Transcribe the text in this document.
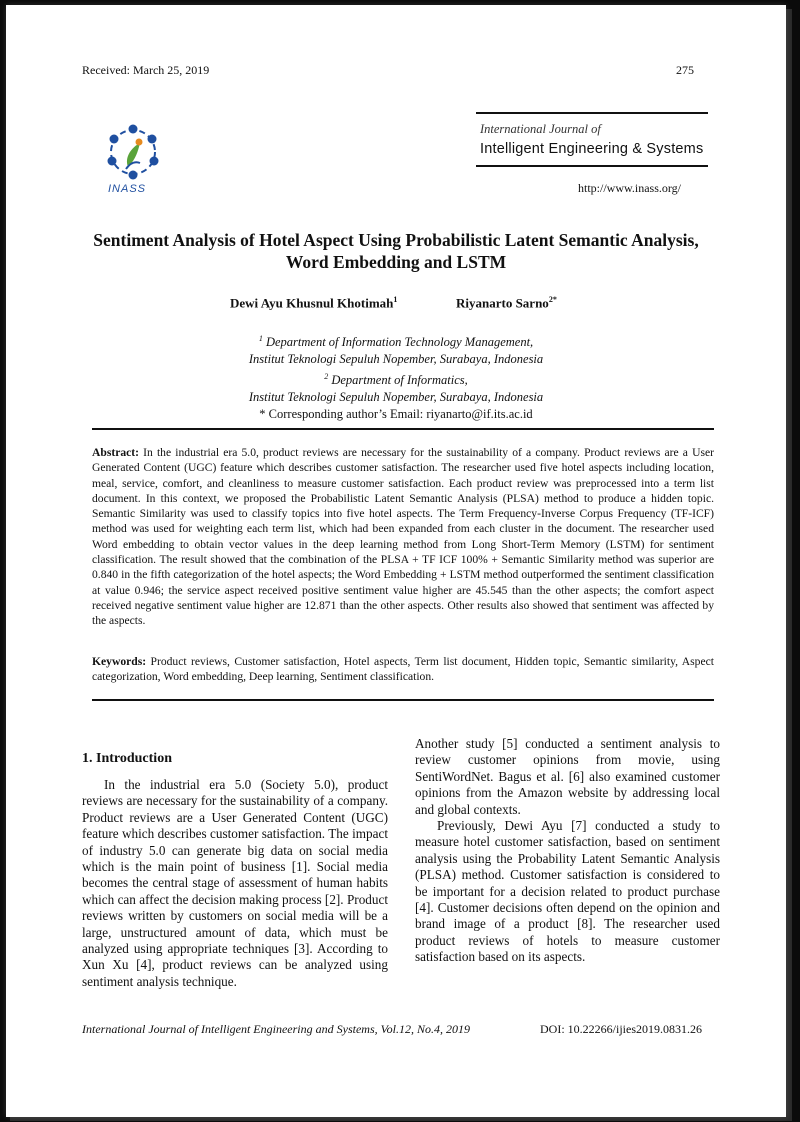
Received: March 25, 2019	275
INASS
International Journal of
Intelligent Engineering & Systems
http://www.inass.org/
Sentiment Analysis of Hotel Aspect Using Probabilistic Latent Semantic Analysis,
Word Embedding and LSTM
Dewi Ayu Khusnul Khotimah$^1$	Riyanarto Sarno$^{2*}$
$^1$ Department of Information Technology Management,
Institut Teknologi Sepuluh Nopember, Surabaya, Indonesia
$^2$ Department of Informatics,
Institut Teknologi Sepuluh Nopember, Surabaya, Indonesia
* Corresponding author’s Email: riyanarto@if.its.ac.id
Abstract: In the industrial era 5.0, product reviews are necessary for the sustainability of a company. Product reviews are a User Generated Content (UGC) feature which describes customer satisfaction. The researcher used five hotel aspects including location, meal, service, comfort, and cleanliness to measure customer satisfaction. Each product review was preprocessed into a term list document. In this context, we proposed the Probabilistic Latent Semantic Analysis (PLSA) method to produce a hidden topic. Semantic Similarity was used to classify topics into five hotel aspects. The Term Frequency-Inverse Corpus Frequency (TF-ICF) method was used for weighting each term list, which had been expanded from each cluster in the document. The researcher used Word embedding to obtain vector values in the deep learning method from Long Short-Term Memory (LSTM) for sentiment classification. The result showed that the combination of the PLSA + TF ICF 100% + Semantic Similarity method was superior are 0.840 in the fifth categorization of the hotel aspects; the Word Embedding + LSTM method outperformed the sentiment classification at value 0.946; the service aspect received positive sentiment value higher are 45.545 than the other aspects; the comfort aspect received negative sentiment value higher are 12.871 than the other aspects. Other results also showed that sentiment was affected by the aspects.
Keywords: Product reviews, Customer satisfaction, Hotel aspects, Term list document, Hidden topic, Semantic similarity, Aspect categorization, Word embedding, Deep learning, Sentiment classification.
1. Introduction
In the industrial era 5.0 (Society 5.0), product reviews are necessary for the sustainability of a company. Product reviews are a User Generated Content (UGC) feature which describes customer satisfaction. The impact of industry 5.0 can generate big data on social media which is the main point of business [1]. Social media becomes the central stage of assessment of human habits which can affect the decision making process [2]. Product reviews written by customers on social media will be a large, unstructured amount of data, which must be analyzed using appropriate techniques [3]. According to Xun Xu [4], product reviews can be analyzed using sentiment analysis technique.
Another study [5] conducted a sentiment analysis to review customer opinions from movie, using SentiWordNet. Bagus et al. [6] also examined customer opinions from the Amazon website by addressing local and global contexts.
Previously, Dewi Ayu [7] conducted a study to measure hotel customer satisfaction, based on sentiment analysis using the Probability Latent Semantic Analysis (PLSA) method. Customer satisfaction is considered to be important for a decision related to product purchase [4]. Customer decisions often depend on the opinion and brand image of a product [8]. The researcher used product reviews of hotels to measure customer satisfaction based on its aspects.
International Journal of Intelligent Engineering and Systems, Vol.12, No.4, 2019	DOI: 10.22266/ijies2019.0831.26
